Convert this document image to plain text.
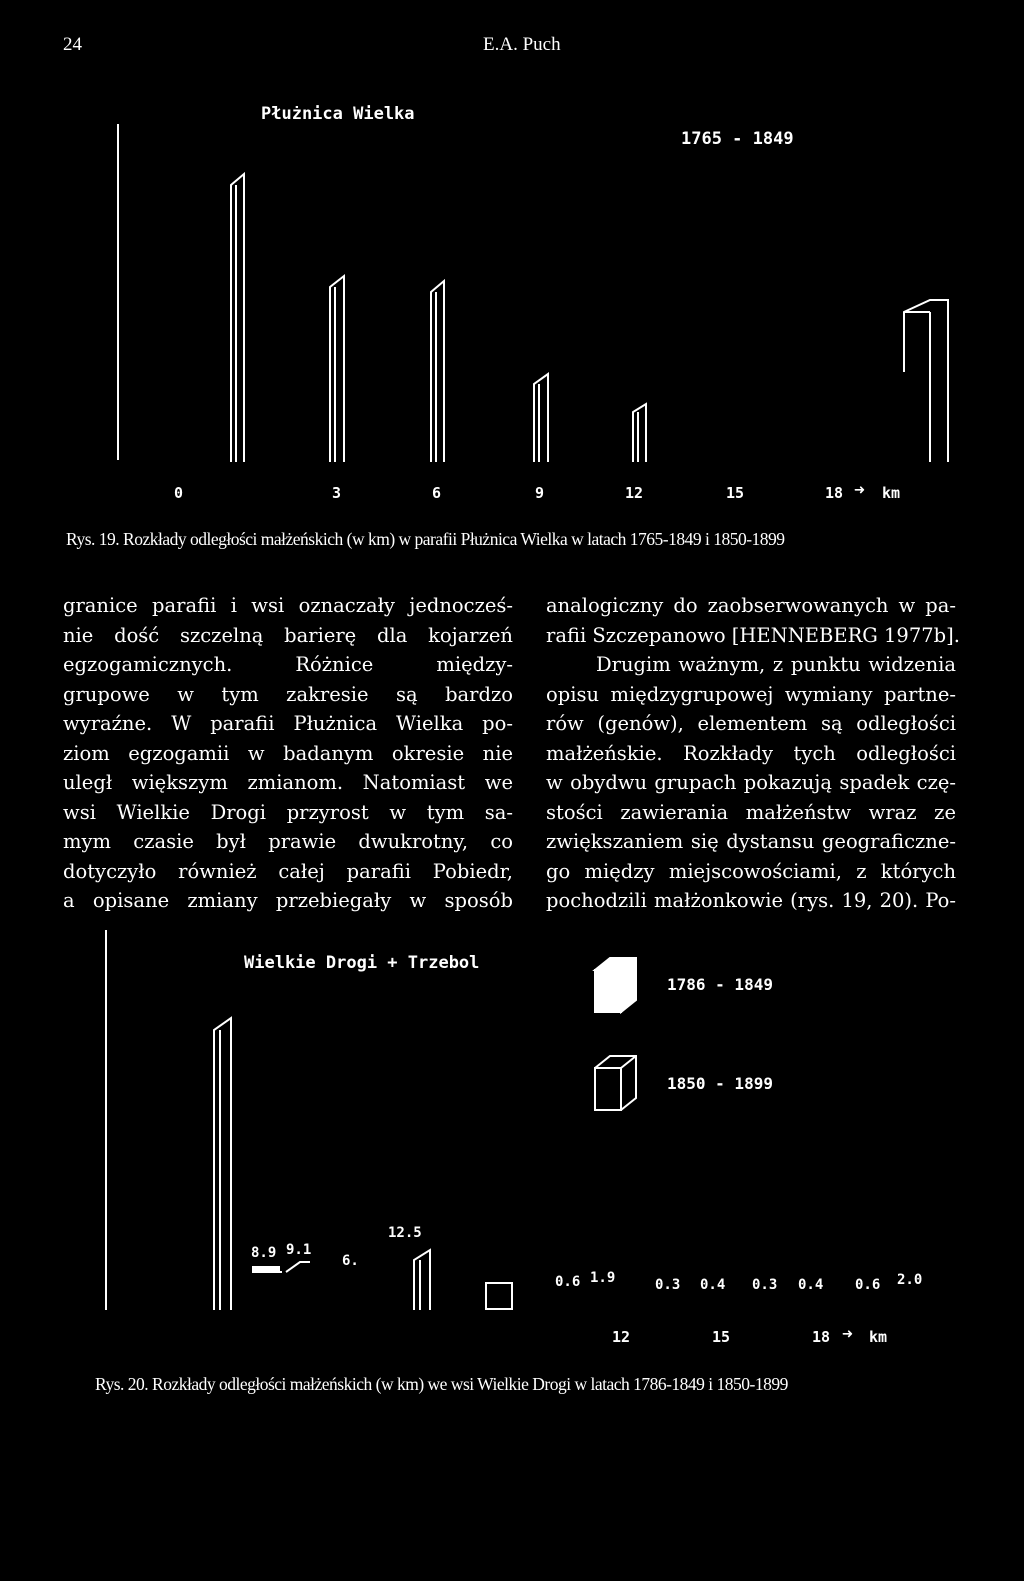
24	E.A. Puch
Płużnica Wielka
1765 - 1849
0	3	6	9	12	15	18 ➜ km
Rys. 19. Rozkłady odległości małżeńskich (w km) w parafii Płużnica Wielka w latach 1765-1849 i 1850-1899
granice parafii i wsi oznaczały jednocześ-
nie dość szczelną barierę dla kojarzeń
egzogamicznych. Różnice między-
grupowe w tym zakresie są bardzo
wyraźne. W parafii Płużnica Wielka po-
ziom egzogamii w badanym okresie nie
uległ większym zmianom. Natomiast we
wsi Wielkie Drogi przyrost w tym sa-
mym czasie był prawie dwukrotny, co
dotyczyło również całej parafii Pobiedr,
a opisane zmiany przebiegały w sposób
analogiczny do zaobserwowanych w pa-
rafii Szczepanowo [HENNEBERG 1977b].
Drugim ważnym, z punktu widzenia
opisu międzygrupowej wymiany partne-
rów (genów), elementem są odległości
małżeńskie. Rozkłady tych odległości
w obydwu grupach pokazują spadek czę-
stości zawierania małżeństw wraz ze
zwiększaniem się dystansu geograficzne-
go między miejscowościami, z których
pochodzili małżonkowie (rys. 19, 20). Po-
Wielkie Drogi + Trzebol
1786 - 1849
1850 - 1899
8.9 9.1
6.
12.5
0.6 1.9	0.3 0.4 0.3 0.4 0.6 2.0
12	15	18 ➜ km
Rys. 20. Rozkłady odległości małżeńskich (w km) we wsi Wielkie Drogi w latach 1786-1849 i 1850-1899
